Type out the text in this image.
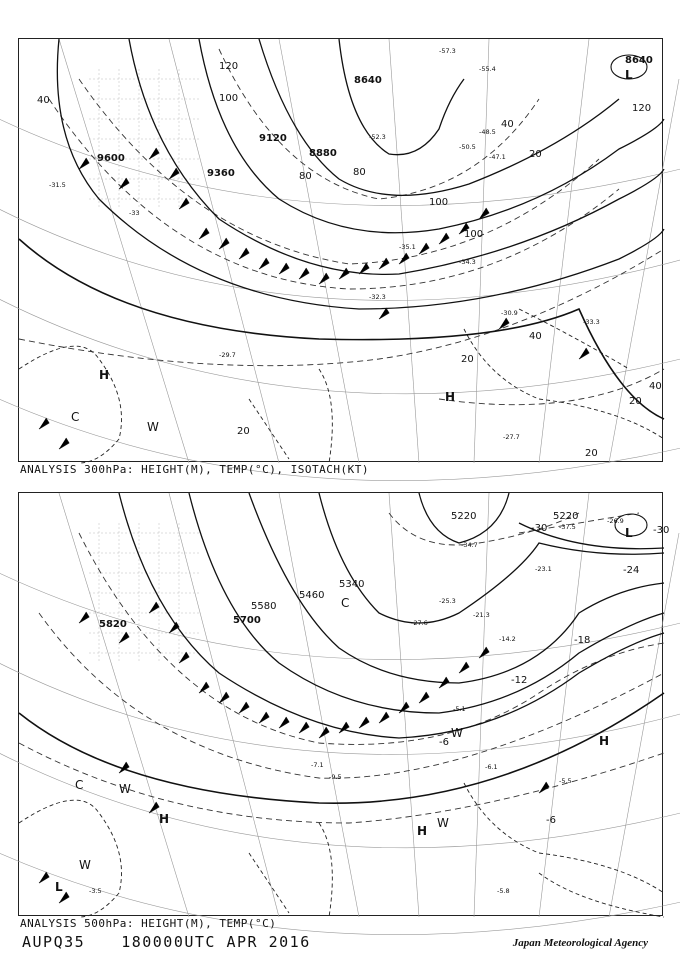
9600
9360
9120
8880
8640
8640
40
120
80
100
120
40
20
100
40
20
40
20
20
20
80
100
-33
-32.3
-31.5
-30.9
-33.3
-27.7
-29.7
-34.3
-35.1
-50.5
-52.3
-57.3
-55.4
-48.5
-47.1
H
H
L
C
W
ANALYSIS 300hPa: HEIGHT(M), TEMP(°C), ISOTACH(KT)
5820	5700
5580
5460
5340
5220	5220
-30	-30
-24
-18
-12
-6
-6
-5.1
-3.5
-6.1
-5.5
-5.8
-9.5
-7.1
-25.3
-27.6
-34.7
-37.5
-26.9
-21.3
-14.2
-23.1
H
H
H
L
L
C
C
W
W
W
W
ANALYSIS 500hPa: HEIGHT(M), TEMP(°C)
AUPQ35 180000UTC APR 2016	Japan Meteorological Agency
